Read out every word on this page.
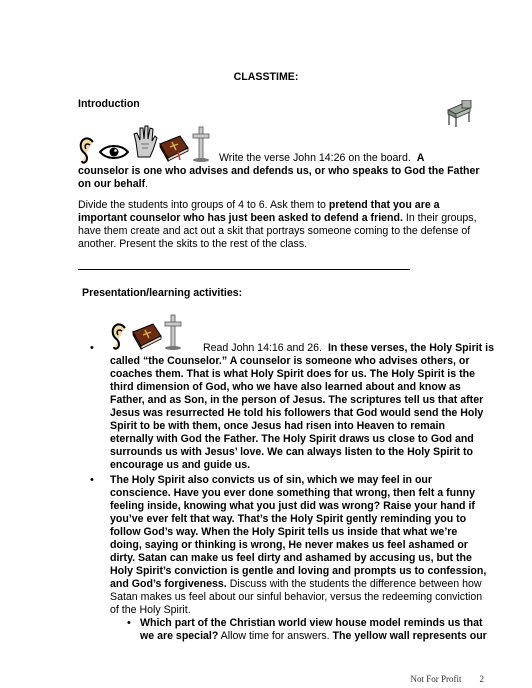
CLASSTIME:
Introduction
Write the verse John 14:26 on the board. A
counselor is one who advises and defends us, or who speaks to God the Father
on our behalf.
Divide the students into groups of 4 to 6. Ask them to pretend that you are a
important counselor who has just been asked to defend a friend. In their groups,
have them create and act out a skit that portrays someone coming to the defense of
another. Present the skits to the rest of the class.
Presentation/learning activities:
•	Read John 14:16 and 26. In these verses, the Holy Spirit is
called “the Counselor.” A counselor is someone who advises others, or
coaches them. That is what Holy Spirit does for us. The Holy Spirit is the
third dimension of God, who we have also learned about and know as
Father, and as Son, in the person of Jesus. The scriptures tell us that after
Jesus was resurrected He told his followers that God would send the Holy
Spirit to be with them, once Jesus had risen into Heaven to remain
eternally with God the Father. The Holy Spirit draws us close to God and
surrounds us with Jesus’ love. We can always listen to the Holy Spirit to
encourage us and guide us.
• The Holy Spirit also convicts us of sin, which we may feel in our
conscience. Have you ever done something that wrong, then felt a funny
feeling inside, knowing what you just did was wrong? Raise your hand if
you’ve ever felt that way. That’s the Holy Spirit gently reminding you to
follow God’s way. When the Holy Spirit tells us inside that what we’re
doing, saying or thinking is wrong, He never makes us feel ashamed or
dirty. Satan can make us feel dirty and ashamed by accusing us, but the
Holy Spirit’s conviction is gentle and loving and prompts us to confession,
and God’s forgiveness. Discuss with the students the difference between how
Satan makes us feel about our sinful behavior, versus the redeeming conviction
of the Holy Spirit.
• Which part of the Christian world view house model reminds us that
we are special? Allow time for answers. The yellow wall represents our
Not For Profit 2
